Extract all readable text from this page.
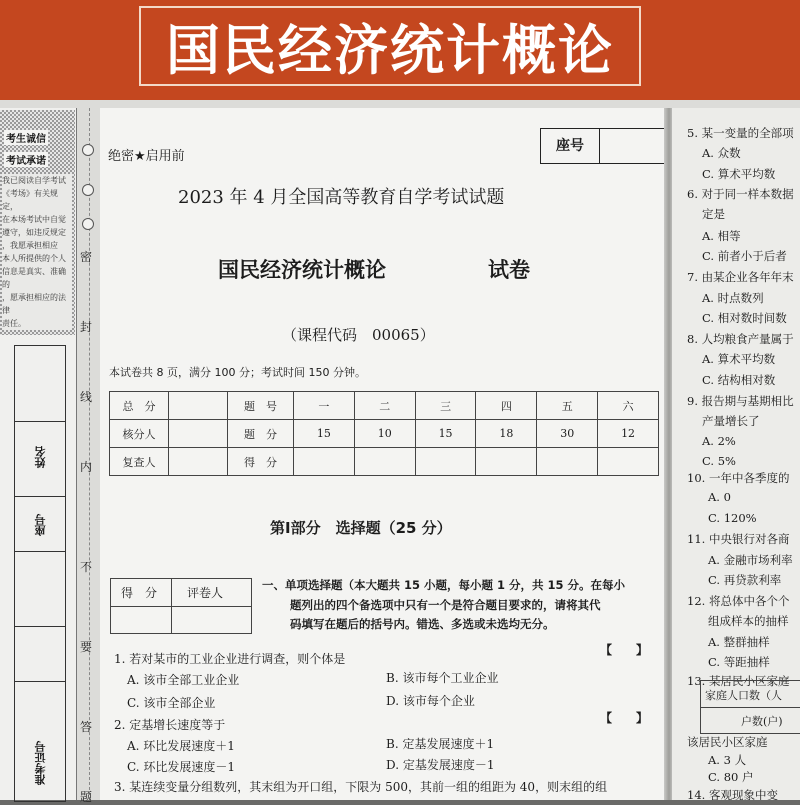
国民经济统计概论
考生诚信
考试承诺
我已阅读自学考试
《考场》有关规定，
在本场考试中自觉
遵守，如违反规定
，我愿承担相应
本人所提供的个人
信息是真实、准确的
，愿承担相应的法律
责任。
姓名
座号
准考证号
密
封
线
内
不
要
答
题
绝密★启用前
座号
2023 年 4 月全国高等教育自学考试试题
国民经济统计概论	试卷
（课程代码　00065）
本试卷共 8 页，满分 100 分；考试时间 150 分钟。
总　分		题　号	一	二	三	四	五	六
核分人		题　分	15	10	15	18	30	12
复查人		得　分						
第Ⅰ部分　选择题（25 分）
得　分 评卷人
一、单项选择题（本大题共 15 小题，每小题 1 分，共 15 分。在每小
题列出的四个备选项中只有一个是符合题目要求的，请将其代
码填写在题后的括号内。错选、多选或未选均无分。
【　　】
1. 若对某市的工业企业进行调查，则个体是
A. 该市全部工业企业	B. 该市每个工业企业
C. 该市全部企业	D. 该市每个企业
【　　】
2. 定基增长速度等于
A. 环比发展速度＋1	B. 定基发展速度＋1
C. 环比发展速度－1	D. 定基发展速度－1
3. 某连续变量分组数列，其末组为开口组，下限为 500，其前一组的组距为 40，则末组的组
5. 某一变量的全部项
A. 众数
C. 算术平均数
6. 对于同一样本数据
定是
A. 相等
C. 前者小于后者
7. 由某企业各年年末
A. 时点数列
C. 相对数时间数
8. 人均粮食产量属于
A. 算术平均数
C. 结构相对数
9. 报告期与基期相比
产量增长了
A. 2%
C. 5%
10. 一年中各季度的
A. 0
C. 120%
11. 中央银行对各商
A. 金融市场利率
C. 再贷款利率
12. 将总体中各个个
组成样本的抽样
A. 整群抽样
C. 等距抽样
13. 某居民小区家庭
该居民小区家庭
A. 3 人
C. 80 户
14. 客观现象中变
家庭人口数（人
户数(户)
